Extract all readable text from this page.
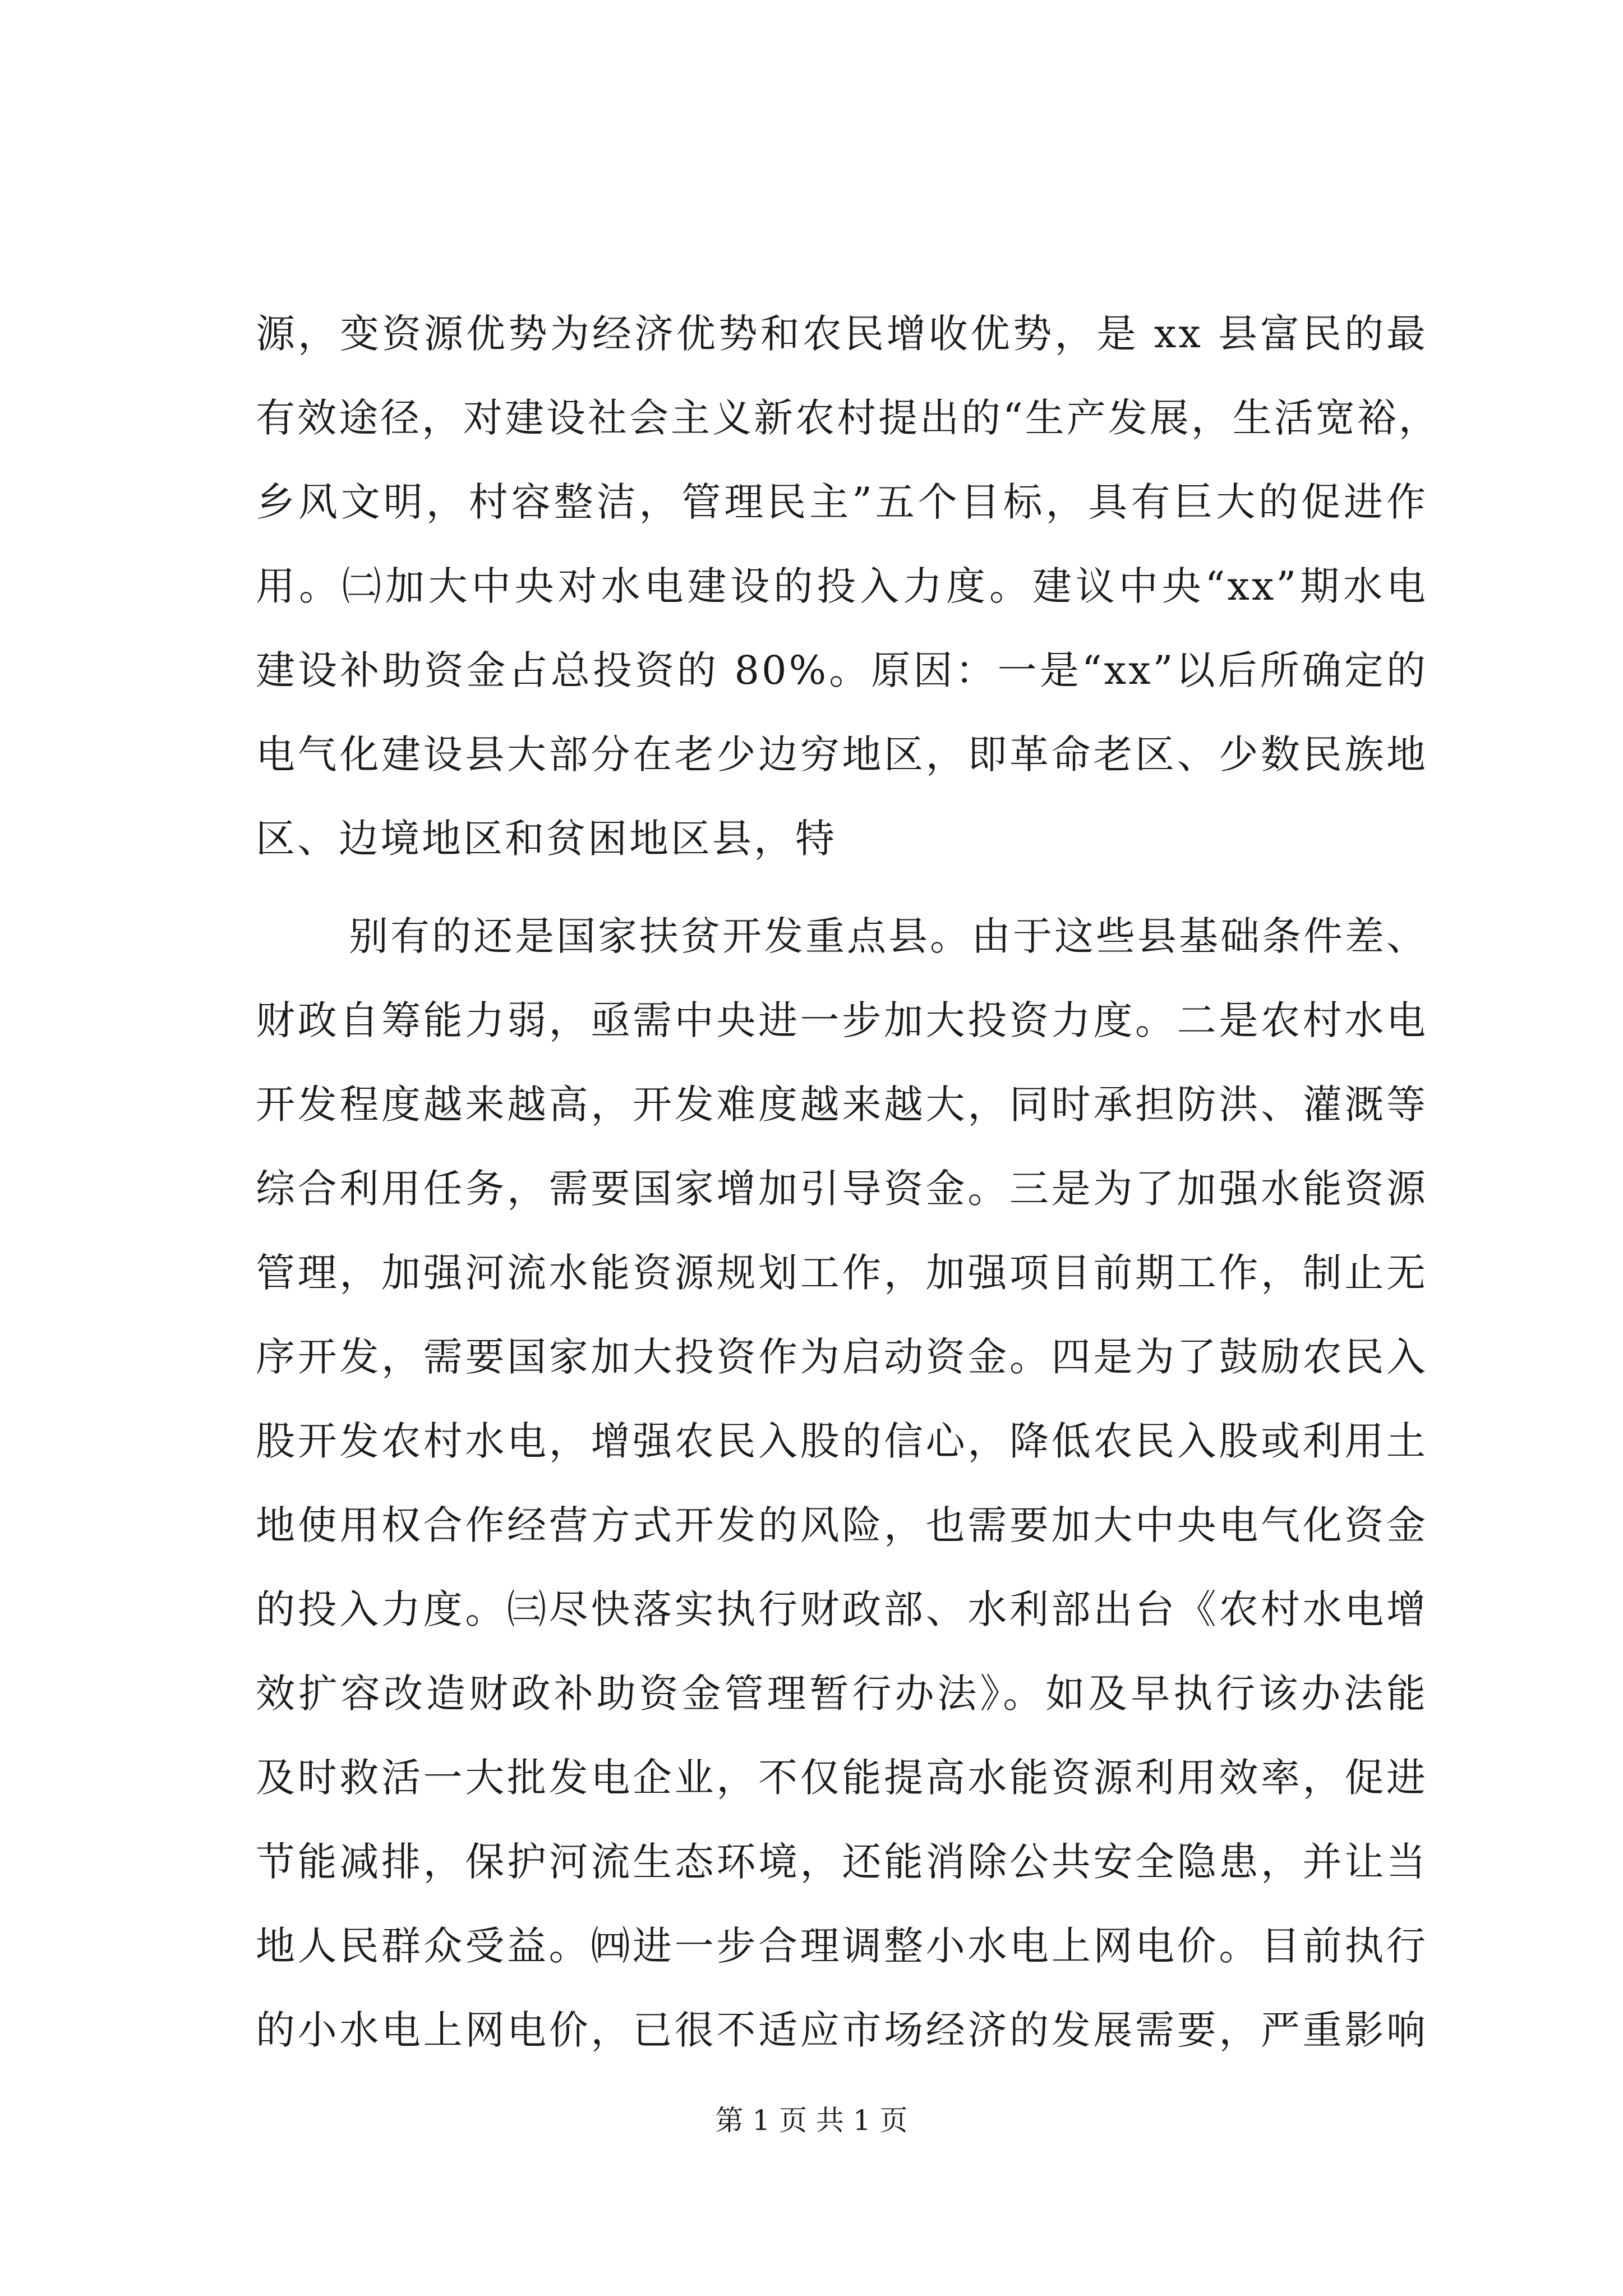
源，变资源优势为经济优势和农民增收优势，是 xx 县富民的最
有效途径，对建设社会主义新农村提出的“生产发展，生活宽裕，
乡风文明，村容整洁，管理民主”五个目标，具有巨大的促进作
用。㈡加大中央对水电建设的投入力度。建议中央“xx”期水电
建设补助资金占总投资的 80%。原因：一是“xx”以后所确定的
电气化建设县大部分在老少边穷地区，即革命老区、少数民族地
区、边境地区和贫困地区县，特
别有的还是国家扶贫开发重点县。由于这些县基础条件差、
财政自筹能力弱，亟需中央进一步加大投资力度。二是农村水电
开发程度越来越高，开发难度越来越大，同时承担防洪、灌溉等
综合利用任务，需要国家增加引导资金。三是为了加强水能资源
管理，加强河流水能资源规划工作，加强项目前期工作，制止无
序开发，需要国家加大投资作为启动资金。四是为了鼓励农民入
股开发农村水电，增强农民入股的信心，降低农民入股或利用土
地使用权合作经营方式开发的风险，也需要加大中央电气化资金
的投入力度。㈢尽快落实执行财政部、水利部出台《农村水电增
效扩容改造财政补助资金管理暂行办法》。如及早执行该办法能
及时救活一大批发电企业，不仅能提高水能资源利用效率，促进
节能减排，保护河流生态环境，还能消除公共安全隐患，并让当
地人民群众受益。㈣进一步合理调整小水电上网电价。目前执行
的小水电上网电价，已很不适应市场经济的发展需要，严重影响
第 1 页 共 1 页
